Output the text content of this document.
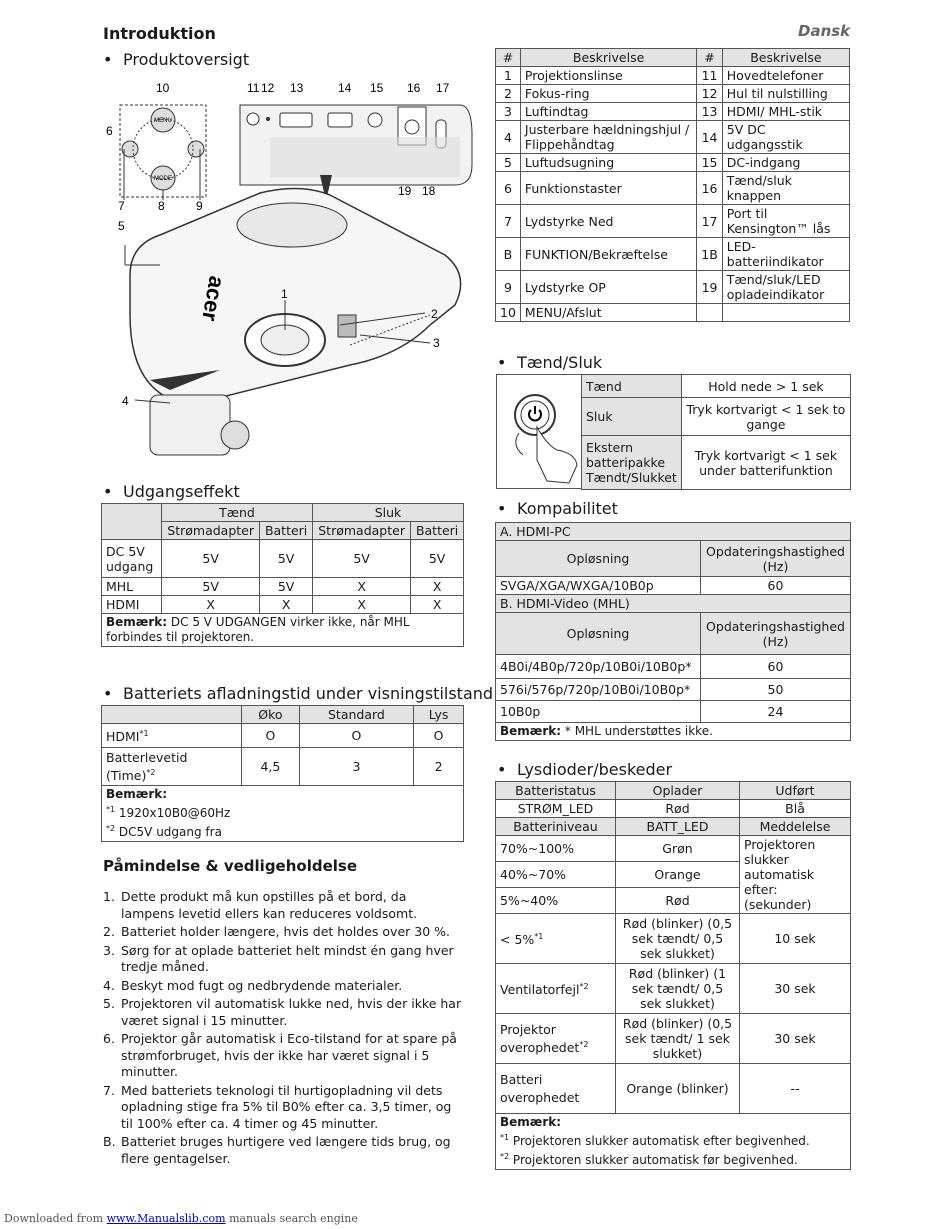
Introduktion	Dansk
• Produktoversigt
MENU
MODE
acer
10	11 12 13	14 15 16 17
6
19 18
7	8	9
5
1
2
3
4
• Udgangseffekt
	Tænd		Sluk	
	Strømadapter	Batteri	Strømadapter	Batteri
DC 5V udgang	5V	5V	5V	5V
MHL	5V	5V	X	X
HDMI	X	X	X	X
Bemærk: DC 5 V UDGANGEN virker ikke, når MHL forbindes til projektoren.				
• Batteriets afladningstid under visningstilstand
	Øko	Standard	Lys
HDMI$^{*1}$	O	O	O
Batterlevetid (Time)$^{*2}$	4,5	3	2

Bemærk:
$^{*1}$ 1920x10B0@60Hz
$^{*2}$ DC5V udgang fra			
Påmindelse & vedligeholdelse
1. Dette produkt må kun opstilles på et bord, da lampens levetid ellers kan reduceres voldsomt.
2. Batteriet holder længere, hvis det holdes over 30 %.
3. Sørg for at oplade batteriet helt mindst én gang hver tredje måned.
4. Beskyt mod fugt og nedbrydende materialer.
5. Projektoren vil automatisk lukke ned, hvis der ikke har været signal i 15 minutter.
6. Projektor går automatisk i Eco-tilstand for at spare på strømforbruget, hvis der ikke har været signal i 5 minutter.
7. Med batteriets teknologi til hurtigopladning vil dets opladning stige fra 5% til B0% efter ca. 3,5 timer, og til 100% efter ca. 4 timer og 45 minutter.
B. Batteriet bruges hurtigere ved længere tids brug, og flere gentagelser.
#	Beskrivelse	#	Beskrivelse
1	Projektionslinse	11	Hovedtelefoner
2	Fokus-ring	12	Hul til nulstilling
3	Luftindtag	13	HDMI/ MHL-stik
4	Justerbare hældningshjul / Flippehåndtag	14	5V DC udgangsstik
5	Luftudsugning	15	DC-indgang
6	Funktionstaster	16	Tænd/sluk knappen
7	Lydstyrke Ned	17	Port til Kensington™ lås
B	FUNKTION/Bekræftelse	1B	LED-batteriindikator
9	Lydstyrke OP	19	Tænd/sluk/LED opladeindikator
10	MENU/Afslut		
• Tænd/Sluk
Tænd	Hold nede > 1 sek
Sluk	Tryk kortvarigt < 1 sek to gange
Ekstern batteripakke Tændt/Slukket	Tryk kortvarigt < 1 sek under batterifunktion
• Kompabilitet
A. HDMI-PC	
Opløsning	Opdateringshastighed (Hz)
SVGA/XGA/WXGA/10B0p	60
B. HDMI-Video (MHL)	
Opløsning	Opdateringshastighed (Hz)
4B0i/4B0p/720p/10B0i/10B0p*	60
576i/576p/720p/10B0i/10B0p*	50
10B0p	24
Bemærk: * MHL understøttes ikke.	
• Lysdioder/beskeder
Batteristatus	Oplader	Udført
STRØM_LED	Rød	Blå
Batteriniveau	BATT_LED	Meddelelse
70%~100%	Grøn	Projektoren slukker automatisk efter: (sekunder)
40%~70%	Orange	
5%~40%	Rød	
< 5%$^{*1}$	Rød (blinker) (0,5 sek tændt/ 0,5 sek slukket)	10 sek
Ventilatorfejl$^{*2}$	Rød (blinker) (1 sek tændt/ 0,5 sek slukket)	30 sek
Projektor overophedet$^{*2}$	Rød (blinker) (0,5 sek tændt/ 1 sek slukket)	30 sek
Batteri overophedet	Orange (blinker)	--

Bemærk:
$^{*1}$ Projektoren slukker automatisk efter begivenhed.
$^{*2}$ Projektoren slukker automatisk før begivenhed.		
Downloaded from www.Manualslib.com manuals search engine
